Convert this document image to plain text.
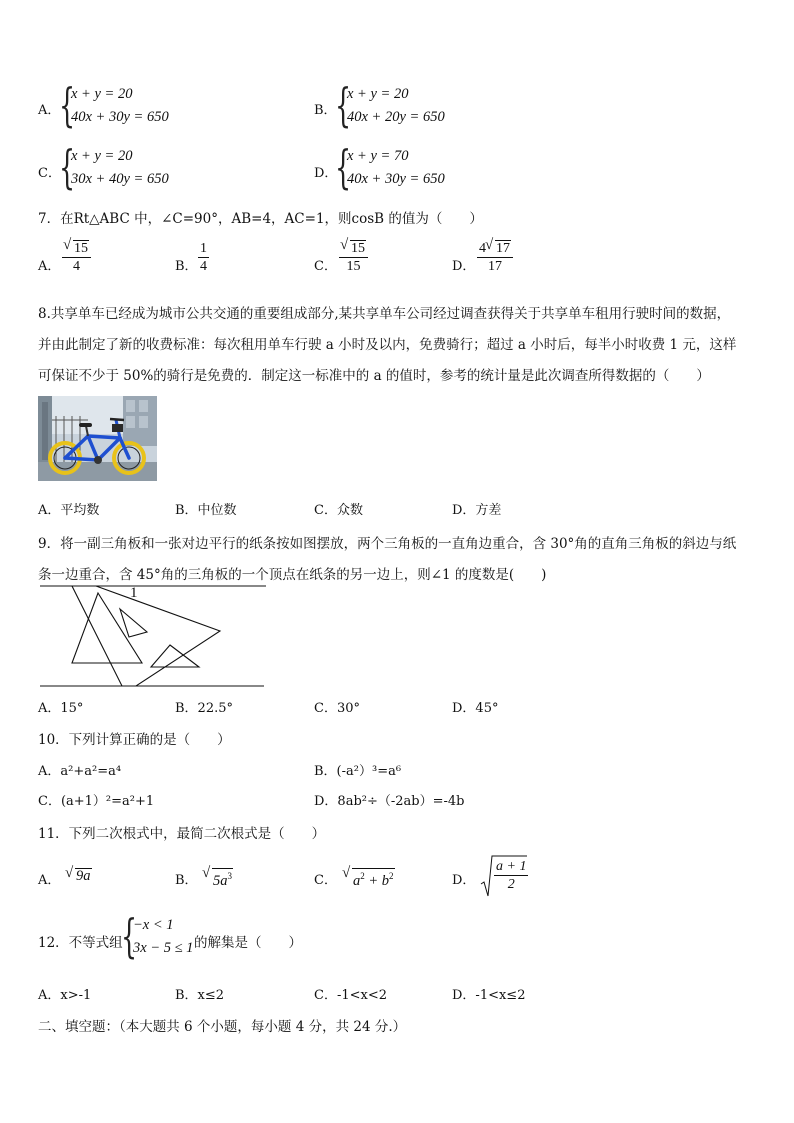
A．
{
x + y = 20
40x + 30y = 650	B．
{
x + y = 20
40x + 20y = 650
C．
{
x + y = 20
30x + 40y = 650	D．
{
x + y = 70
40x + 30y = 650
7．在Rt△ABC 中，∠C=90°，AB=4，AC=1，则cosB 的值为（　　）
A． √ $\frac{15}{4}$	B． $\frac{1}{4}$	C． √ $\frac{15}{15}$	D． $\frac{4 √ 17}{17}$
8.共享单车已经成为城市公共交通的重要组成部分,某共享单车公司经过调查获得关于共享单车租用行驶时间的数据，
并由此制定了新的收费标准：每次租用单车行驶 a 小时及以内，免费骑行；超过 a 小时后，每半小时收费 1 元，这样
可保证不少于 50%的骑行是免费的．制定这一标准中的 a 的值时，参考的统计量是此次调查所得数据的（　　）
A．平均数	B．中位数	C．众数	D．方差
9．将一副三角板和一张对边平行的纸条按如图摆放，两个三角板的一直角边重合，含 30°角的直角三角板的斜边与纸
条一边重合，含 45°角的三角板的一个顶点在纸条的另一边上，则∠1 的度数是(　　)
1
A．15°	B．22.5°	C．30°	D．45°
10．下列计算正确的是（　　）
A．a²+a²=a⁴	B．(-a²）³=a⁶
C．(a+1）²=a²+1	D．8ab²÷（-2ab）=-4b
11．下列二次根式中，最简二次根式是（　　）
A．	√ 9a	B．	√ $5a^3$	C．	√ $a^2 + b^2$	D． $\frac{a + 1}{2}$
12．不等式组
{
−x < 1
3x − 5 ≤ 1 的解集是（　　）
A．x>-1	B．x≤2	C．-1<x<2	D．-1<x≤2
二、填空题：（本大题共 6 个小题，每小题 4 分，共 24 分.）
